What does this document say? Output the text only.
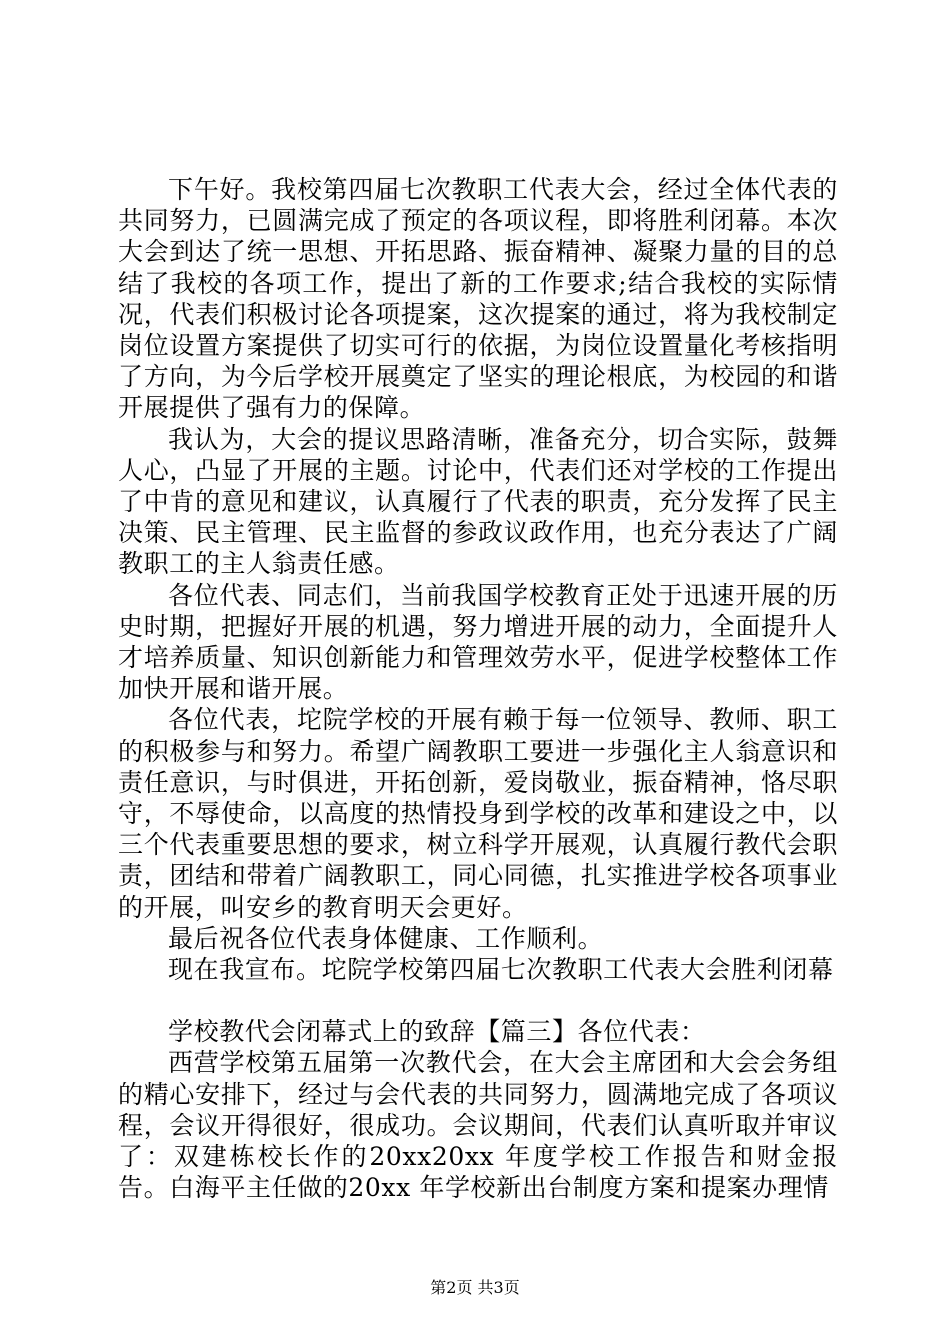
下午好。我校第四届七次教职工代表大会，经过全体代表的共同努力，已圆满完成了预定的各项议程，即将胜利闭幕。本次大会到达了统一思想、开拓思路、振奋精神、凝聚力量的目的总结了我校的各项工作，提出了新的工作要求;结合我校的实际情况，代表们积极讨论各项提案，这次提案的通过，将为我校制定岗位设置方案提供了切实可行的依据，为岗位设置量化考核指明了方向，为今后学校开展奠定了坚实的理论根底，为校园的和谐开展提供了强有力的保障。

我认为，大会的提议思路清晰，准备充分，切合实际，鼓舞人心，凸显了开展的主题。讨论中，代表们还对学校的工作提出了中肯的意见和建议，认真履行了代表的职责，充分发挥了民主决策、民主管理、民主监督的参政议政作用，也充分表达了广阔教职工的主人翁责任感。

各位代表、同志们，当前我国学校教育正处于迅速开展的历史时期，把握好开展的机遇，努力增进开展的动力，全面提升人才培养质量、知识创新能力和管理效劳水平，促进学校整体工作加快开展和谐开展。

各位代表，坨院学校的开展有赖于每一位领导、教师、职工的积极参与和努力。希望广阔教职工要进一步强化主人翁意识和责任意识，与时俱进，开拓创新，爱岗敬业，振奋精神，恪尽职守，不辱使命，以高度的热情投身到学校的改革和建设之中，以三个代表重要思想的要求，树立科学开展观，认真履行教代会职责，团结和带着广阔教职工，同心同德，扎实推进学校各项事业的开展，叫安乡的教育明天会更好。

最后祝各位代表身体健康、工作顺利。

现在我宣布。坨院学校第四届七次教职工代表大会胜利闭幕

学校教代会闭幕式上的致辞【篇三】各位代表：

西营学校第五届第一次教代会，在大会主席团和大会会务组的精心安排下，经过与会代表的共同努力，圆满地完成了各项议程，会议开得很好，很成功。会议期间，代表们认真听取并审议了：双建栋校长作的20xx20xx 年度学校工作报告和财金报告。白海平主任做的20xx 年学校新出台制度方案和提案办理情

第2页 共3页
